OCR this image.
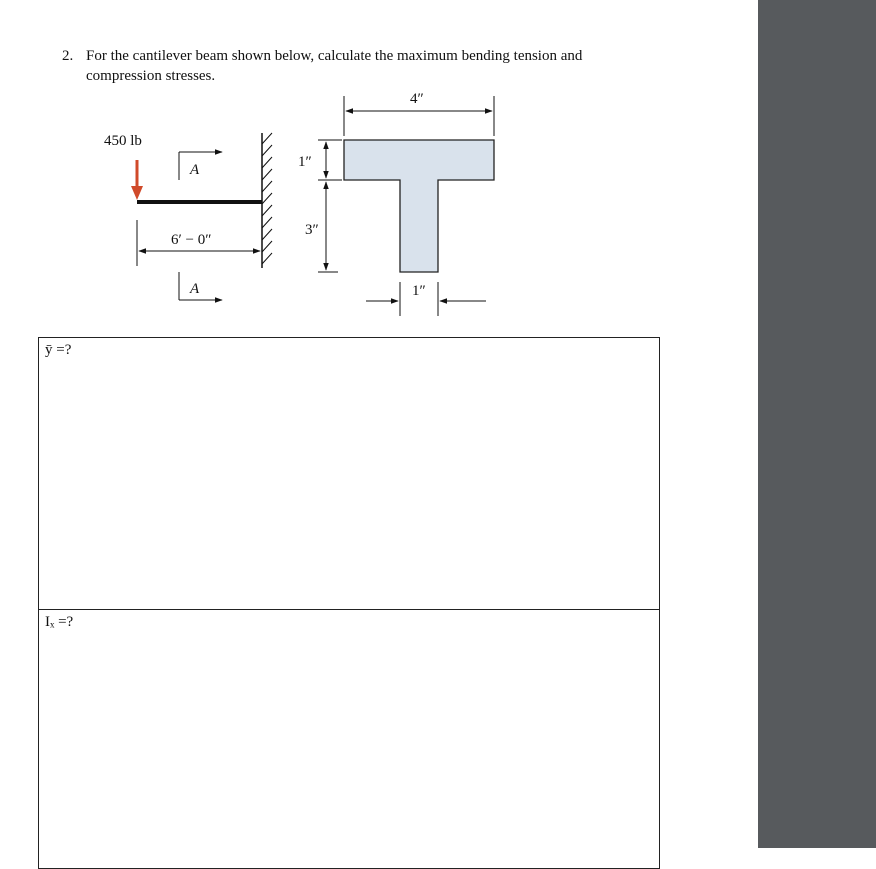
2. For the cantilever beam shown below, calculate the maximum bending tension and compression stresses.
450 lb
A
A
6′ − 0″
4″
1″
3″
1″
ȳ =?
Iₓ =?
